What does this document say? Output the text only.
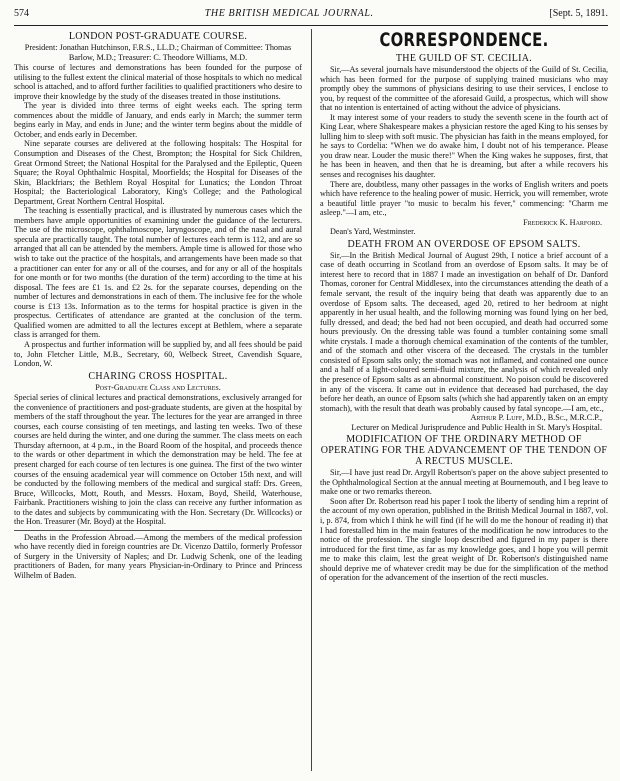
574	THE BRITISH MEDICAL JOURNAL.	[Sept. 5, 1891.
LONDON POST-GRADUATE COURSE.
President: Jonathan Hutchinson, F.R.S., LL.D.; Chairman of Committee: Thomas Barlow, M.D.; Treasurer: C. Theodore Williams, M.D.

This course of lectures and demonstrations has been founded for the purpose of utilising to the fullest extent the clinical material of those hospitals to which no medical school is attached, and to afford further facilities to qualified practitioners who desire to improve their knowledge by the study of the diseases treated in those institutions.

The year is divided into three terms of eight weeks each. The spring term commences about the middle of January, and ends early in March; the summer term begins early in May, and ends in June; and the winter term begins about the middle of October, and ends early in December.

Nine separate courses are delivered at the following hospitals: The Hospital for Consumption and Diseases of the Chest, Brompton; the Hospital for Sick Children, Great Ormond Street; the National Hospital for the Paralysed and the Epileptic, Queen Square; the Royal Ophthalmic Hospital, Moorfields; the Hospital for Diseases of the Skin, Blackfriars; the Bethlem Royal Hospital for Lunatics; the London Throat Hospital; the Bacteriological Laboratory, King's College; and the Pathological Department, Great Northern Central Hospital.

The teaching is essentially practical, and is illustrated by numerous cases which the members have ample opportunities of examining under the guidance of the lecturers. The use of the microscope, ophthalmoscope, laryngoscope, and of the nasal and aural specula are practically taught. The total number of lectures each term is 112, and are so arranged that all can be attended by the members. Ample time is allowed for those who wish to take out the practice of the hospitals, and arrangements have been made so that a practitioner can enter for any or all of the courses, and for any or all of the hospitals for one month or for two months (the duration of the term) according to the time at his disposal. The fees are £1 1s. and £2 2s. for the separate courses, depending on the number of lectures and demonstrations in each of them. The inclusive fee for the whole course is £13 13s. Information as to the terms for hospital practice is given in the prospectus. Certificates of attendance are granted at the conclusion of the term. Qualified women are admitted to all the lectures except at Bethlem, where a separate class is arranged for them.

A prospectus and further information will be supplied by, and all fees should be paid to, John Fletcher Little, M.B., Secretary, 60, Welbeck Street, Cavendish Square, London, W.

CHARING CROSS HOSPITAL.
Post-Graduate Class and Lectures.

Special series of clinical lectures and practical demonstrations, exclusively arranged for the convenience of practitioners and post-graduate students, are given at the hospital by members of the staff throughout the year. The lectures for the year are arranged in three courses, each course consisting of ten meetings, and lasting ten weeks. Two of these courses are held during the winter, and one during the summer. The class meets on each Thursday afternoon, at 4 p.m., in the Board Room of the hospital, and proceeds thence to the wards or other department in which the demonstration may be held. The fee at present charged for each course of ten lectures is one guinea. The first of the two winter courses of the ensuing academical year will commence on October 15th next, and will be conducted by the following members of the medical and surgical staff: Drs. Green, Bruce, Willcocks, Mott, Routh, and Messrs. Hoxam, Boyd, Sheild, Waterhouse, Fairbank. Practitioners wishing to join the class can receive any further information as to the dates and subjects by communicating with the Hon. Secretary (Dr. Willcocks) or the Hon. Treasurer (Mr. Boyd) at the Hospital.

Deaths in the Profession Abroad.—Among the members of the medical profession who have recently died in foreign countries are Dr. Vicenzo Dattilo, formerly Professor of Surgery in the University of Naples; and Dr. Ludwig Schenk, one of the leading practitioners of Baden, for many years Physician-in-Ordinary to Prince and Princess Wilhelm of Baden.

CORRESPONDENCE.
THE GUILD OF ST. CECILIA.

Sir,—As several journals have misunderstood the objects of the Guild of St. Cecilia, which has been formed for the purpose of supplying trained musicians who may promptly obey the summons of physicians desiring to use their services, I enclose to you, by request of the committee of the aforesaid Guild, a prospectus, which will show that no intention is entertained of acting without the advice of physicians.

It may interest some of your readers to study the seventh scene in the fourth act of King Lear, where Shakespeare makes a physician restore the aged King to his senses by lulling him to sleep with soft music. The physician has faith in the means employed, for he says to Cordelia: "When we do awake him, I doubt not of his temperance. Please you draw near. Louder the music there!" When the King wakes he supposes, first, that he has been in heaven, and then that he is dreaming, but after a while recovers his senses and recognises his daughter.

There are, doubtless, many other passages in the works of English writers and poets which have reference to the healing power of music. Herrick, you will remember, wrote a beautiful little prayer "to music to becalm his fever," commencing: "Charm me asleep."—I am, etc.,

Frederick K. Harford.
Dean's Yard, Westminster.
DEATH FROM AN OVERDOSE OF EPSOM SALTS.

Sir,—In the British Medical Journal of August 29th, I notice a brief account of a case of death occurring in Scotland from an overdose of Epsom salts. It may be of interest here to record that in 1887 I made an investigation on behalf of Dr. Danford Thomas, coroner for Central Middlesex, into the circumstances attending the death of a female servant, the result of the inquiry being that death was apparently due to an overdose of Epsom salts. The deceased, aged 20, retired to her bedroom at night apparently in her usual health, and the following morning was found lying on her bed, fully dressed, and dead; the bed had not been occupied, and death had occurred some hours previously. On the dressing table was found a tumbler containing some small white crystals. I made a thorough chemical examination of the contents of the tumbler, and of the stomach and other viscera of the deceased. The crystals in the tumbler consisted of Epsom salts only; the stomach was not inflamed, and contained one ounce and a half of a light-coloured semi-fluid mixture, the analysis of which revealed only the presence of Epsom salts as an abnormal constituent. No poison could be discovered in any of the viscera. It came out in evidence that deceased had purchased, the day before her death, an ounce of Epsom salts (which she had apparently taken on an empty stomach), with the result that death was probably caused by fatal syncope.—I am, etc.,

Arthur P. Luff, M.D., B.Sc., M.R.C.P.,
Lecturer on Medical Jurisprudence and Public Health in St. Mary's Hospital.
MODIFICATION OF THE ORDINARY METHOD OF OPERATING FOR THE ADVANCEMENT OF THE TENDON OF A RECTUS MUSCLE.

Sir,—I have just read Dr. Argyll Robertson's paper on the above subject presented to the Ophthalmological Section at the annual meeting at Bournemouth, and I beg leave to make one or two remarks thereon.

Soon after Dr. Robertson read his paper I took the liberty of sending him a reprint of the account of my own operation, published in the British Medical Journal in 1887, vol. i, p. 874, from which I think he will find (if he will do me the honour of reading it) that I had forestalled him in the main features of the modification he now introduces to the notice of the profession. The single loop described and figured in my paper is there introduced for the first time, as far as my knowledge goes, and I hope you will permit me to make this claim, lest the great weight of Dr. Robertson's distinguished name should deprive me of whatever credit may be due for the simplification of the method of operation for the advancement of the insertion of the recti muscles.
